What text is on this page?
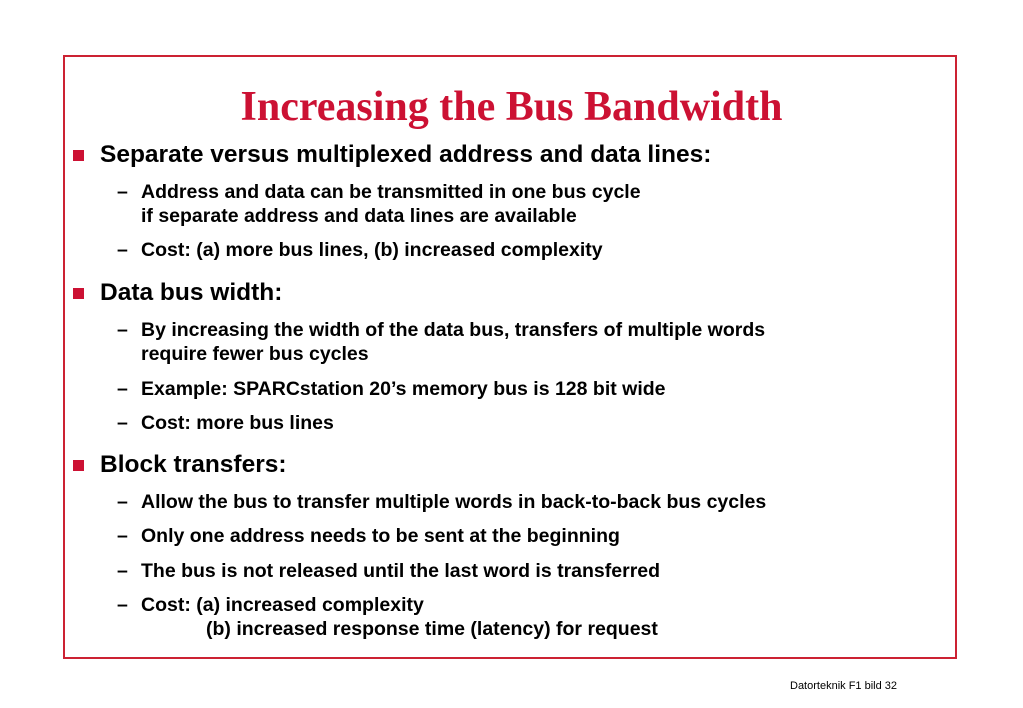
Increasing the Bus Bandwidth
Separate versus multiplexed address and data lines:
– Address and data can be transmitted in one bus cycle
if separate address and data lines are available
– Cost: (a) more bus lines, (b) increased complexity
Data bus width:
– By increasing the width of the data bus, transfers of multiple words
require fewer bus cycles
– Example: SPARCstation 20’s memory bus is 128 bit wide
– Cost: more bus lines
Block transfers:
– Allow the bus to transfer multiple words in back-to-back bus cycles
– Only one address needs to be sent at the beginning
– The bus is not released until the last word is transferred
– Cost: (a) increased complexity
(b) increased response time (latency) for request
Datorteknik F1 bild 32
